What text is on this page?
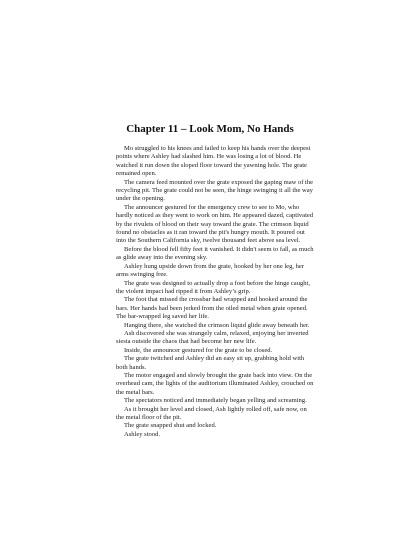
Chapter 11 – Look Mom, No Hands

Mo struggled to his knees and failed to keep his hands over the deepest points where Ashley had slashed him. He was losing a lot of blood. He watched it run down the sloped floor toward the yawning hole. The grate remained open.

The camera feed mounted over the grate exposed the gaping maw of the recycling pit. The grate could not be seen, the hinge swinging it all the way under the opening.

The announcer gestured for the emergency crew to see to Mo, who hardly noticed as they went to work on him. He appeared dazed, captivated by the rivulets of blood on their way toward the grate. The crimson liquid found no obstacles as it ran toward the pit's hungry mouth. It poured out into the Southern California sky, twelve thousand feet above sea level.

Before the blood fell fifty feet it vanished. It didn't seem to fall, as much as glide away into the evening sky.

Ashley hung upside down from the grate, hooked by her one leg, her arms swinging free.

The grate was designed to actually drop a foot before the hinge caught, the violent impact had ripped it from Ashley’s grip.

The foot that missed the crossbar had wrapped and hooked around the bars. Her hands had been jerked from the oiled metal when grate opened. The bar-wrapped leg saved her life.

Hanging there, she watched the crimson liquid glide away beneath her.

Ash discovered she was strangely calm, relaxed, enjoying her inverted siesta outside the chaos that had become her new life.

Inside, the announcer gestured for the grate to be closed.

The grate twitched and Ashley did an easy sit up, grabbing hold with both hands.

The motor engaged and slowly brought the grate back into view. On the overhead cam, the lights of the auditorium illuminated Ashley, crouched on the metal bars.

The spectators noticed and immediately began yelling and screaming.

As it brought her level and closed, Ash lightly rolled off, safe now, on the metal floor of the pit.

The grate snapped shut and locked.

Ashley stood.
